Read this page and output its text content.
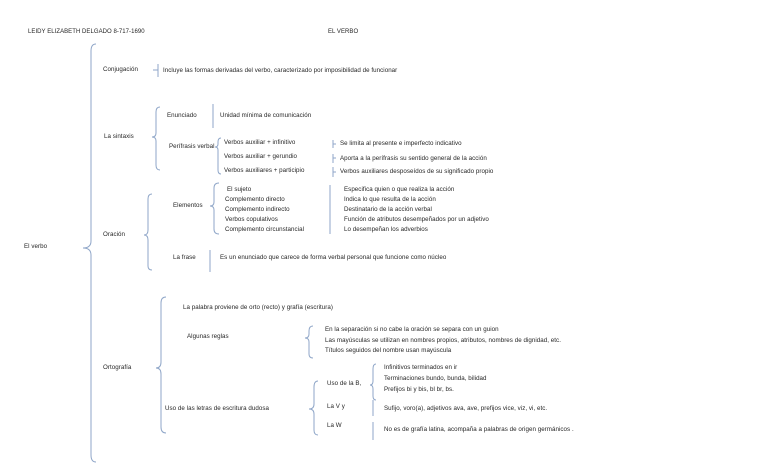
LEIDY ELIZABETH DELGADO 8-717-1690	EL VERBO
El verbo
Conjugación	Incluye las formas derivadas del verbo, caracterizado por imposibilidad de funcionar
La sintaxis
Enunciado	Unidad mínima de comunicación
Perífrasis verbal
Verbos auxiliar + infinitivo	Se limita al presente e imperfecto indicativo
Verbos auxiliar + gerundio	Aporta a la perífrasis su sentido general de la acción
Verbos auxiliares + participio	Verbos auxiliares desposeídos de su significado propio
Oración
Elementos
El sujeto	Especifica quien o que realiza la acción
Complemento directo	Indica lo que resulta de la acción
Complemento indirecto	Destinatario de la acción verbal
Verbos copulativos	Función de atributos desempeñados por un adjetivo
Complemento circunstancial	Lo desempeñan los adverbios
La frase	Es un enunciado que carece de forma verbal personal que funcione como núcleo
Ortografía
La palabra proviene de orto (recto) y grafía (escritura)
Algunas reglas
En la separación si no cabe la oración se separa con un guion
Las mayúsculas se utilizan en nombres propios, atributos, nombres de dignidad, etc.
Títulos seguidos del nombre usan mayúscula
Uso de las letras de escritura dudosa
Uso de la B,
Infinitivos terminados en ir
Terminaciones bundo, bunda, bilidad
Prefijos bi y bis, bl br, bs.
La V y	Sufijo, voro(a), adjetivos ava, ave, prefijos vice, viz, vi, etc.
La W
No es de grafía latina, acompaña a palabras de origen germánicos .
